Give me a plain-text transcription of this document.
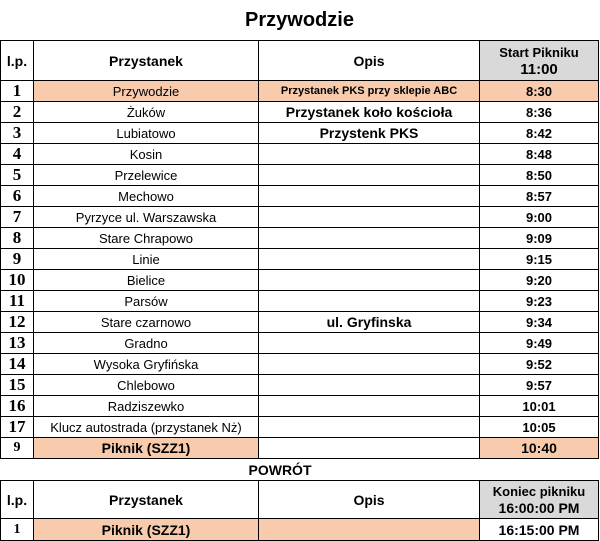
Przywodzie			
l.p.	Przystanek	Opis	Start Pikniku
11:00

1	Przywodzie	Przystanek PKS przy sklepie ABC	8:30
2	Żuków	Przystanek koło kościoła	8:36
3	Lubiatowo	Przystenk PKS	8:42
4	Kosin		8:48
5	Przelewice		8:50
6	Mechowo		8:57
7	Pyrzyce ul. Warszawska		9:00
8	Stare Chrapowo		9:09
9	Linie		9:15
10	Bielice		9:20
11	Parsów		9:23
12	Stare czarnowo	ul. Gryfinska	9:34
13	Gradno		9:49
14	Wysoka Gryfińska		9:52
15	Chlebowo		9:57
16	Radziszewko		10:01
17	Klucz autostrada (przystanek Nż)		10:05
9	Piknik (SZZ1)		10:40
POWRÓT			
l.p.	Przystanek	Opis	Koniec pikniku
16:00:00 PM

1	Piknik (SZZ1)		16:15:00 PM
